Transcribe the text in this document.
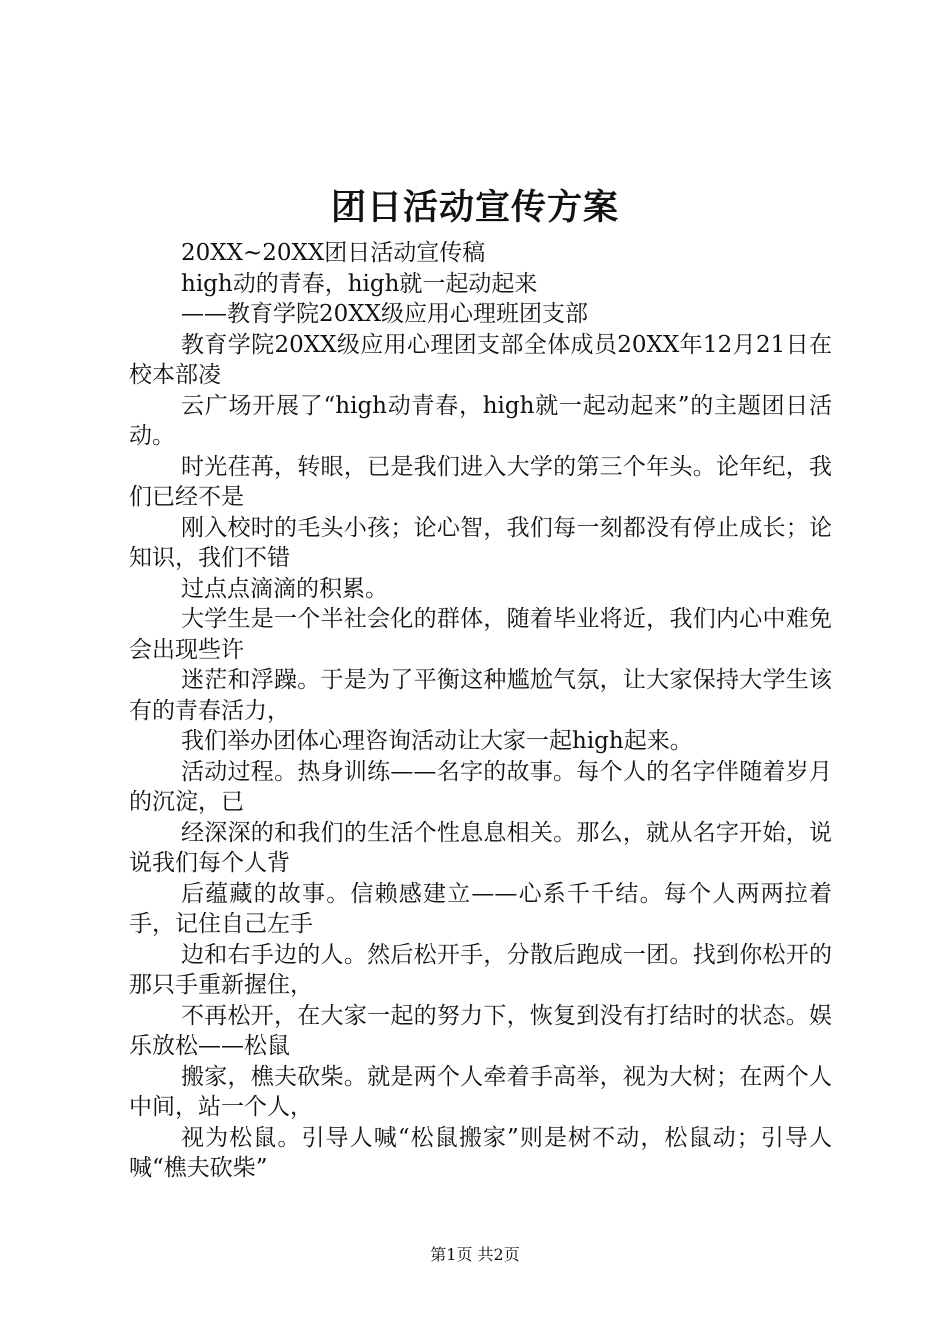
团日活动宣传方案

20XX~20XX团日活动宣传稿

high动的青春，high就一起动起来

——教育学院20XX级应用心理班团支部

教育学院20XX级应用心理团支部全体成员20XX年12月21日在校本部凌

云广场开展了“high动青春，high就一起动起来”的主题团日活动。

时光荏苒，转眼，已是我们进入大学的第三个年头。论年纪，我们已经不是

刚入校时的毛头小孩；论心智，我们每一刻都没有停止成长；论知识，我们不错

过点点滴滴的积累。

大学生是一个半社会化的群体，随着毕业将近，我们内心中难免会出现些许

迷茫和浮躁。于是为了平衡这种尴尬气氛，让大家保持大学生该有的青春活力，

我们举办团体心理咨询活动让大家一起high起来。

活动过程。热身训练——名字的故事。每个人的名字伴随着岁月的沉淀，已

经深深的和我们的生活个性息息相关。那么，就从名字开始，说说我们每个人背

后蕴藏的故事。信赖感建立——心系千千结。每个人两两拉着手，记住自己左手

边和右手边的人。然后松开手，分散后跑成一团。找到你松开的那只手重新握住，

不再松开，在大家一起的努力下，恢复到没有打结时的状态。娱乐放松——松鼠

搬家，樵夫砍柴。就是两个人牵着手高举，视为大树；在两个人中间，站一个人，

视为松鼠。引导人喊“松鼠搬家”则是树不动，松鼠动；引导人喊“樵夫砍柴”

第1页 共2页
